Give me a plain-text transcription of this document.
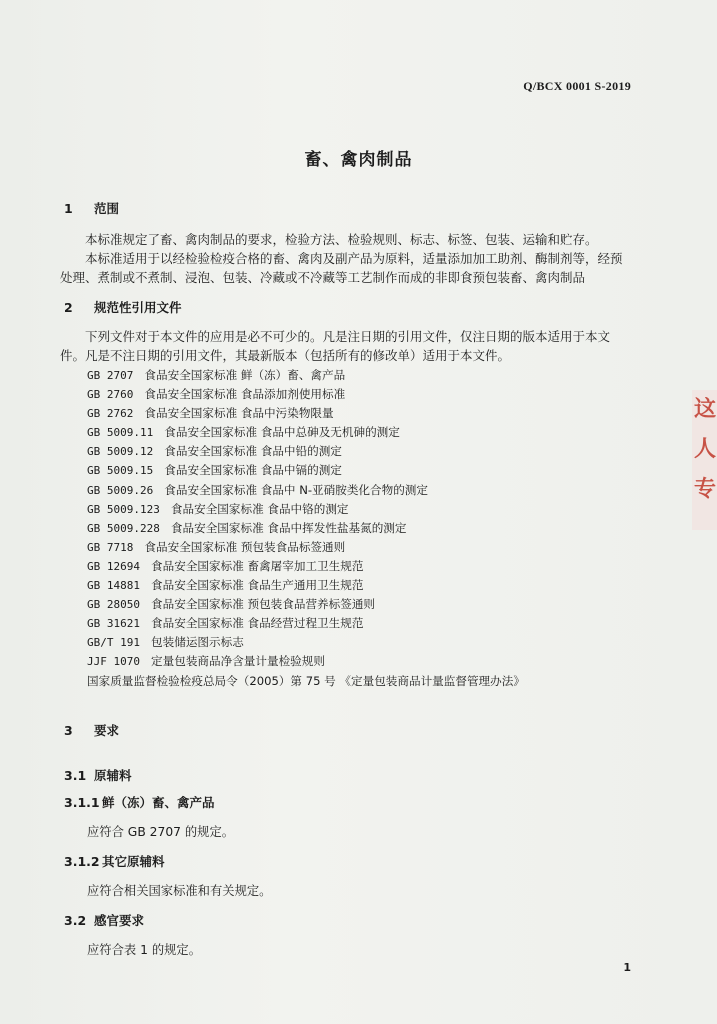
Q/BCX 0001 S-2019
畜、禽肉制品
1 范围

本标准规定了畜、禽肉制品的要求，检验方法、检验规则、标志、标签、包装、运输和贮存。

本标准适用于以经检验检疫合格的畜、禽肉及副产品为原料，适量添加加工助剂、酶制剂等，经预处理、煮制或不煮制、浸泡、包装、冷藏或不冷藏等工艺制作而成的非即食预包装畜、禽肉制品

2 规范性引用文件

下列文件对于本文件的应用是必不可少的。凡是注日期的引用文件，仅注日期的版本适用于本文件。凡是不注日期的引用文件，其最新版本（包括所有的修改单）适用于本文件。

GB 2707 食品安全国家标准 鲜（冻）畜、禽产品
GB 2760 食品安全国家标准 食品添加剂使用标准
GB 2762 食品安全国家标准 食品中污染物限量
GB 5009.11 食品安全国家标准 食品中总砷及无机砷的测定
GB 5009.12 食品安全国家标准 食品中铅的测定
GB 5009.15 食品安全国家标准 食品中镉的测定
GB 5009.26 食品安全国家标准 食品中 N-亚硝胺类化合物的测定
GB 5009.123 食品安全国家标准 食品中铬的测定
GB 5009.228 食品安全国家标准 食品中挥发性盐基氮的测定
GB 7718 食品安全国家标准 预包装食品标签通则
GB 12694 食品安全国家标准 畜禽屠宰加工卫生规范
GB 14881 食品安全国家标准 食品生产通用卫生规范
GB 28050 食品安全国家标准 预包装食品营养标签通则
GB 31621 食品安全国家标准 食品经营过程卫生规范
GB/T 191 包装储运图示标志
JJF 1070 定量包装商品净含量计量检验规则
国家质量监督检验检疫总局令（2005）第 75 号 《定量包装商品计量监督管理办法》
3 要求
3.1 原辅料
3.1.1 鲜（冻）畜、禽产品
应符合 GB 2707 的规定。
3.1.2 其它原辅料
应符合相关国家标准和有关规定。
3.2 感官要求
应符合表 1 的规定。
1
这
人
专
